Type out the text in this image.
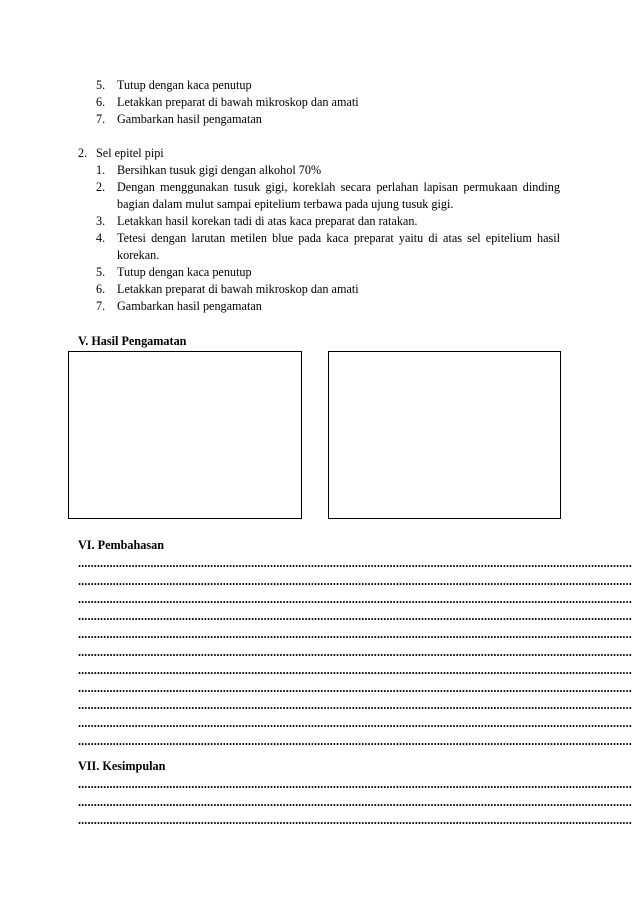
5. Tutup dengan kaca penutup
6. Letakkan preparat di bawah mikroskop dan amati
7. Gambarkan hasil pengamatan
2. Sel epitel pipi
1. Bersihkan tusuk gigi dengan alkohol 70%
2. Dengan menggunakan tusuk gigi, koreklah secara perlahan lapisan permukaan dinding bagian dalam mulut sampai epitelium terbawa pada ujung tusuk gigi.
3. Letakkan hasil korekan tadi di atas kaca preparat dan ratakan.
4. Tetesi dengan larutan metilen blue pada kaca preparat yaitu di atas sel epitelium hasil korekan.
5. Tutup dengan kaca penutup
6. Letakkan preparat di bawah mikroskop dan amati
7. Gambarkan hasil pengamatan
V. Hasil Pengamatan
VI. Pembahasan
................................................................................................................................................................................
................................................................................................................................................................................
................................................................................................................................................................................
................................................................................................................................................................................
................................................................................................................................................................................
................................................................................................................................................................................
................................................................................................................................................................................
................................................................................................................................................................................
................................................................................................................................................................................
................................................................................................................................................................................
................................................................................................................................................................................
VII. Kesimpulan
................................................................................................................................................................................
................................................................................................................................................................................
................................................................................................................................................................................
